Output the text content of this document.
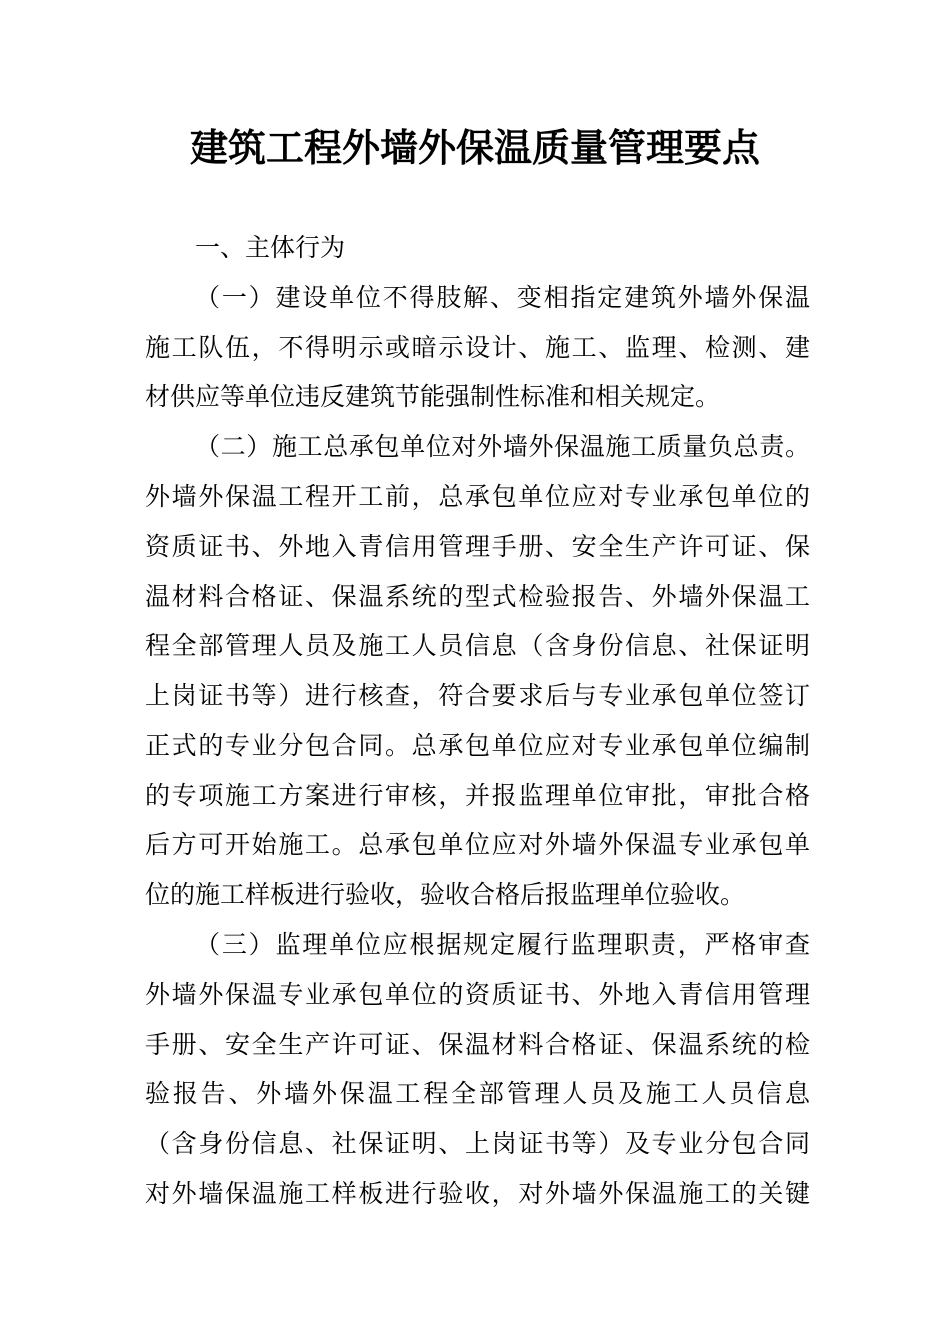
建筑工程外墙外保温质量管理要点
一、主体行为
（一）建设单位不得肢解、变相指定建筑外墙外保温
施工队伍，不得明示或暗示设计、施工、监理、检测、建
材供应等单位违反建筑节能强制性标准和相关规定。
（二）施工总承包单位对外墙外保温施工质量负总责。
外墙外保温工程开工前，总承包单位应对专业承包单位的
资质证书、外地入青信用管理手册、安全生产许可证、保
温材料合格证、保温系统的型式检验报告、外墙外保温工
程全部管理人员及施工人员信息（含身份信息、社保证明
上岗证书等）进行核查，符合要求后与专业承包单位签订
正式的专业分包合同。总承包单位应对专业承包单位编制
的专项施工方案进行审核，并报监理单位审批，审批合格
后方可开始施工。总承包单位应对外墙外保温专业承包单
位的施工样板进行验收，验收合格后报监理单位验收。
（三）监理单位应根据规定履行监理职责，严格审查
外墙外保温专业承包单位的资质证书、外地入青信用管理
手册、安全生产许可证、保温材料合格证、保温系统的检
验报告、外墙外保温工程全部管理人员及施工人员信息
（含身份信息、社保证明、上岗证书等）及专业分包合同
对外墙保温施工样板进行验收，对外墙外保温施工的关键
